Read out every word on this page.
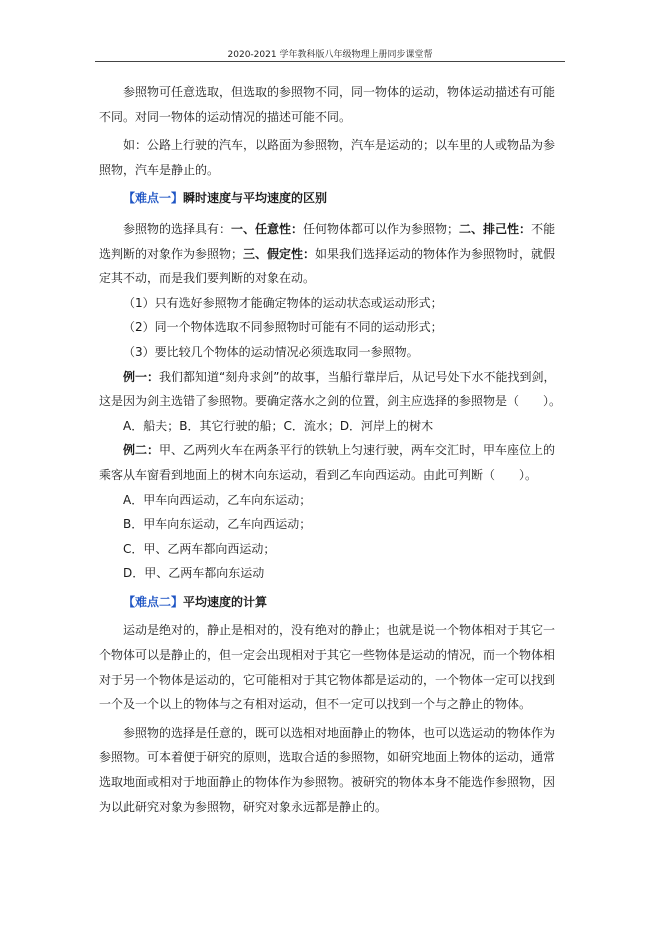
2020-2021 学年教科版八年级物理上册同步课堂帮

参照物可任意选取，但选取的参照物不同，同一物体的运动，物体运动描述有可能不同。对同一物体的运动情况的描述可能不同。

如：公路上行驶的汽车，以路面为参照物，汽车是运动的；以车里的人或物品为参照物，汽车是静止的。

【难点一】瞬时速度与平均速度的区别

参照物的选择具有：一、任意性：任何物体都可以作为参照物；二、排己性：不能选判断的对象作为参照物；三、假定性：如果我们选择运动的物体作为参照物时，就假定其不动，而是我们要判断的对象在动。

（1）只有选好参照物才能确定物体的运动状态或运动形式；

（2）同一个物体选取不同参照物时可能有不同的运动形式；

（3）要比较几个物体的运动情况必须选取同一参照物。

例一：我们都知道“刻舟求剑”的故事，当船行靠岸后，从记号处下水不能找到剑，这是因为剑主选错了参照物。要确定落水之剑的位置，剑主应选择的参照物是（　　）。

A．船夫；B．其它行驶的船；C．流水；D．河岸上的树木

例二：甲、乙两列火车在两条平行的铁轨上匀速行驶，两车交汇时，甲车座位上的乘客从车窗看到地面上的树木向东运动，看到乙车向西运动。由此可判断（　　）。

A．甲车向西运动，乙车向东运动；

B．甲车向东运动，乙车向西运动；

C．甲、乙两车都向西运动；

D．甲、乙两车都向东运动

【难点二】平均速度的计算

运动是绝对的，静止是相对的，没有绝对的静止；也就是说一个物体相对于其它一个物体可以是静止的，但一定会出现相对于其它一些物体是运动的情况，而一个物体相对于另一个物体是运动的，它可能相对于其它物体都是运动的，一个物体一定可以找到一个及一个以上的物体与之有相对运动，但不一定可以找到一个与之静止的物体。

参照物的选择是任意的，既可以选相对地面静止的物体，也可以选运动的物体作为参照物。可本着便于研究的原则，选取合适的参照物，如研究地面上物体的运动，通常选取地面或相对于地面静止的物体作为参照物。被研究的物体本身不能选作参照物，因为以此研究对象为参照物，研究对象永远都是静止的。
